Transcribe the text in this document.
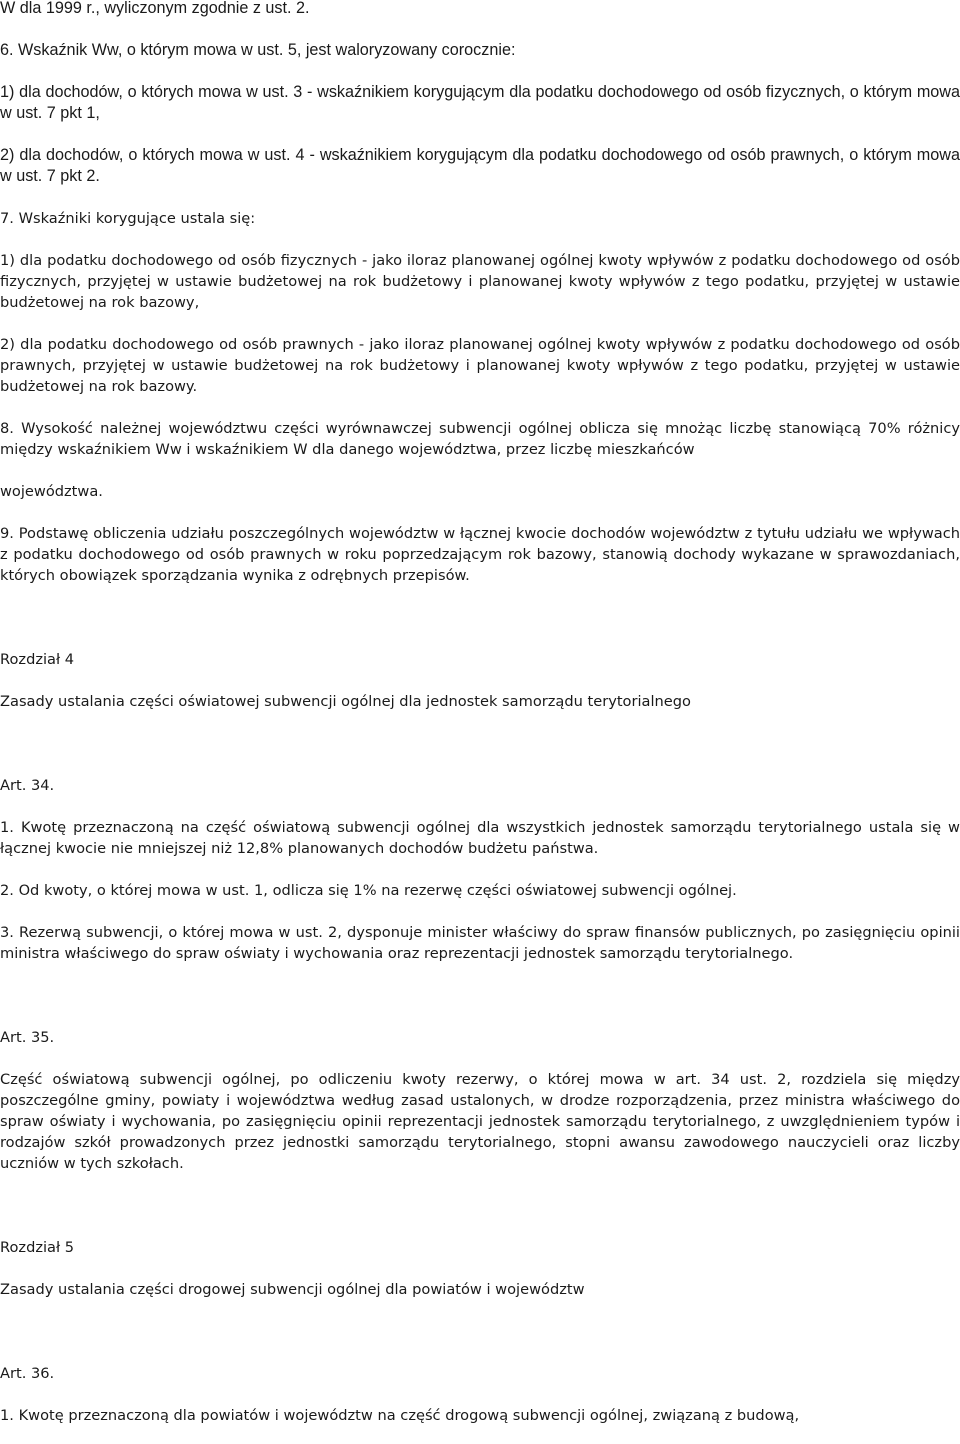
W dla 1999 r., wyliczonym zgodnie z ust. 2.
6. Wskaźnik Ww, o którym mowa w ust. 5, jest waloryzowany corocznie:
1) dla dochodów, o których mowa w ust. 3 - wskaźnikiem korygującym dla podatku dochodowego od osób fizycznych, o którym mowa w ust. 7 pkt 1,
2) dla dochodów, o których mowa w ust. 4 - wskaźnikiem korygującym dla podatku dochodowego od osób prawnych, o którym mowa w ust. 7 pkt 2.
7. Wskaźniki korygujące ustala się:
1) dla podatku dochodowego od osób fizycznych - jako iloraz planowanej ogólnej kwoty wpływów z podatku dochodowego od osób fizycznych, przyjętej w ustawie budżetowej na rok budżetowy i planowanej kwoty wpływów z tego podatku, przyjętej w ustawie budżetowej na rok bazowy,
2) dla podatku dochodowego od osób prawnych - jako iloraz planowanej ogólnej kwoty wpływów z podatku dochodowego od osób prawnych, przyjętej w ustawie budżetowej na rok budżetowy i planowanej kwoty wpływów z tego podatku, przyjętej w ustawie budżetowej na rok bazowy.
8. Wysokość należnej województwu części wyrównawczej subwencji ogólnej oblicza się mnożąc liczbę stanowiącą 70% różnicy między wskaźnikiem Ww i wskaźnikiem W dla danego województwa, przez liczbę mieszkańców
województwa.
9. Podstawę obliczenia udziału poszczególnych województw w łącznej kwocie dochodów województw z tytułu udziału we wpływach z podatku dochodowego od osób prawnych w roku poprzedzającym rok bazowy, stanowią dochody wykazane w sprawozdaniach, których obowiązek sporządzania wynika z odrębnych przepisów.
Rozdział 4
Zasady ustalania części oświatowej subwencji ogólnej dla jednostek samorządu terytorialnego
Art. 34.
1. Kwotę przeznaczoną na część oświatową subwencji ogólnej dla wszystkich jednostek samorządu terytorialnego ustala się w łącznej kwocie nie mniejszej niż 12,8% planowanych dochodów budżetu państwa.
2. Od kwoty, o której mowa w ust. 1, odlicza się 1% na rezerwę części oświatowej subwencji ogólnej.
3. Rezerwą subwencji, o której mowa w ust. 2, dysponuje minister właściwy do spraw finansów publicznych, po zasięgnięciu opinii ministra właściwego do spraw oświaty i wychowania oraz reprezentacji jednostek samorządu terytorialnego.
Art. 35.
Część oświatową subwencji ogólnej, po odliczeniu kwoty rezerwy, o której mowa w art. 34 ust. 2, rozdziela się między poszczególne gminy, powiaty i województwa według zasad ustalonych, w drodze rozporządzenia, przez ministra właściwego do spraw oświaty i wychowania, po zasięgnięciu opinii reprezentacji jednostek samorządu terytorialnego, z uwzględnieniem typów i rodzajów szkół prowadzonych przez jednostki samorządu terytorialnego, stopni awansu zawodowego nauczycieli oraz liczby uczniów w tych szkołach.
Rozdział 5
Zasady ustalania części drogowej subwencji ogólnej dla powiatów i województw
Art. 36.
1. Kwotę przeznaczoną dla powiatów i województw na część drogową subwencji ogólnej, związaną z budową,
